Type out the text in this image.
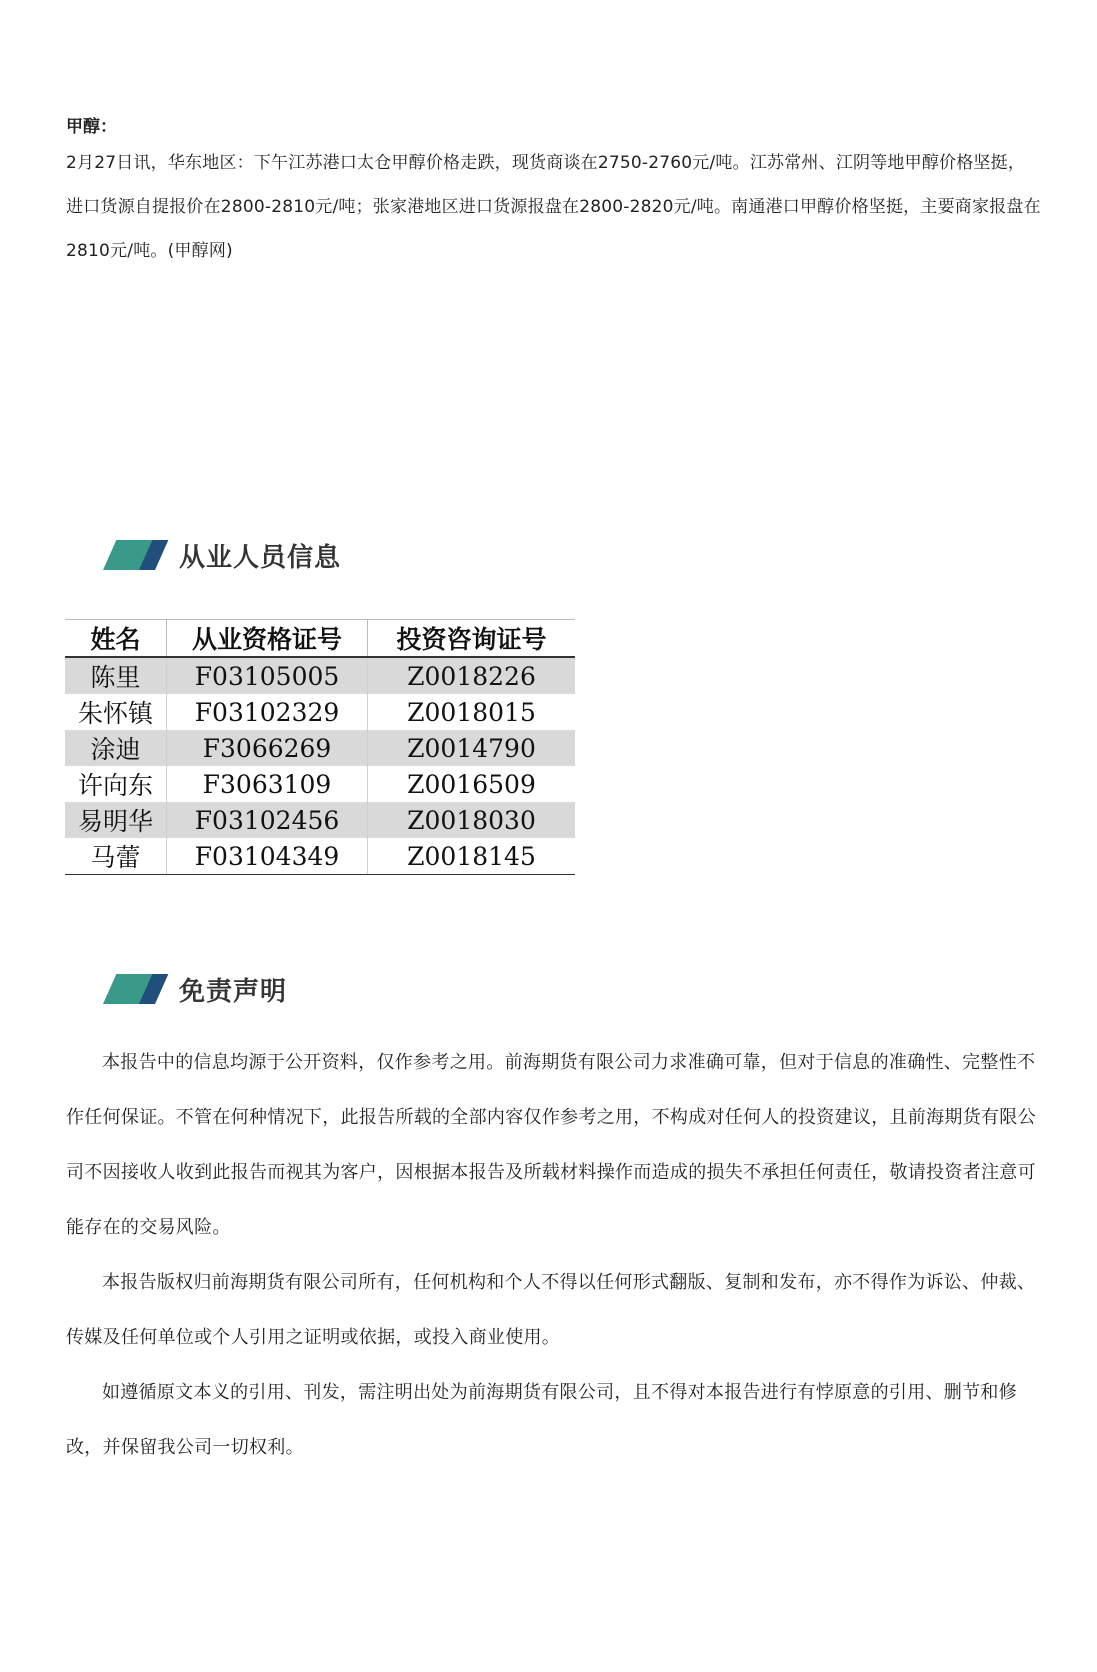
甲醇：

2月27日讯，华东地区：下午江苏港口太仓甲醇价格走跌，现货商谈在2750-2760元/吨。江苏常州、江阴等地甲醇价格坚挺，进口货源自提报价在2800-2810元/吨；张家港地区进口货源报盘在2800-2820元/吨。南通港口甲醇价格坚挺，主要商家报盘在2810元/吨。(甲醇网)

从业人员信息
姓名	从业资格证号	投资咨询证号
陈里	F03105005	Z0018226
朱怀镇	F03102329	Z0018015
涂迪	F3066269	Z0014790
许向东	F3063109	Z0016509
易明华	F03102456	Z0018030
马蕾	F03104349	Z0018145
免责声明

本报告中的信息均源于公开资料，仅作参考之用。前海期货有限公司力求准确可靠，但对于信息的准确性、完整性不作任何保证。不管在何种情况下，此报告所载的全部内容仅作参考之用，不构成对任何人的投资建议，且前海期货有限公司不因接收人收到此报告而视其为客户，因根据本报告及所载材料操作而造成的损失不承担任何责任，敬请投资者注意可能存在的交易风险。

本报告版权归前海期货有限公司所有，任何机构和个人不得以任何形式翻版、复制和发布，亦不得作为诉讼、仲裁、传媒及任何单位或个人引用之证明或依据，或投入商业使用。

如遵循原文本义的引用、刊发，需注明出处为前海期货有限公司，且不得对本报告进行有悖原意的引用、删节和修改，并保留我公司一切权利。
